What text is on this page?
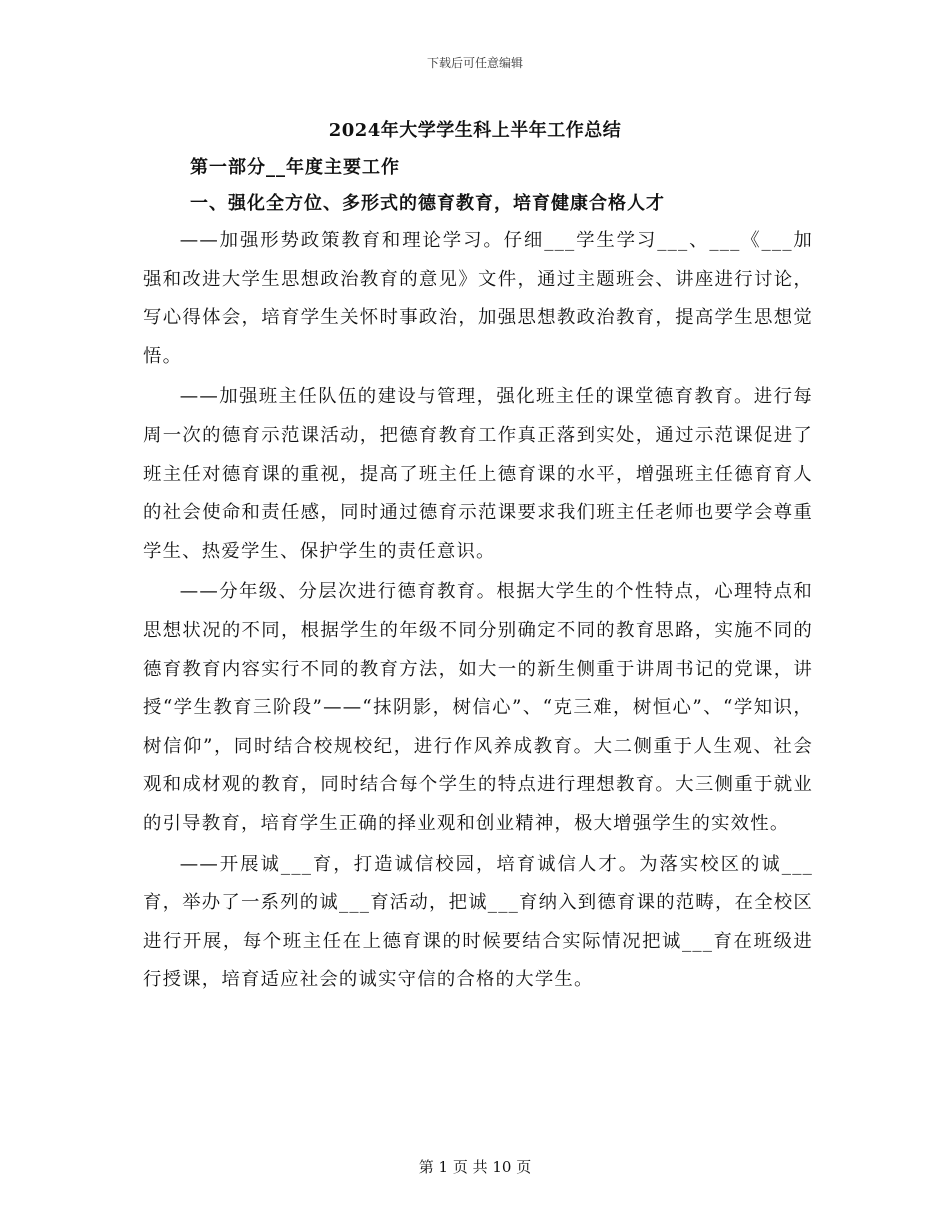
下载后可任意编辑
2024年大学学生科上半年工作总结
第一部分__年度主要工作
一、强化全方位、多形式的德育教育，培育健康合格人才

——加强形势政策教育和理论学习。仔细___学生学习___、___《___加强和改进大学生思想政治教育的意见》文件，通过主题班会、讲座进行讨论，写心得体会，培育学生关怀时事政治，加强思想教政治教育，提高学生思想觉悟。

——加强班主任队伍的建设与管理，强化班主任的课堂德育教育。进行每周一次的德育示范课活动，把德育教育工作真正落到实处，通过示范课促进了班主任对德育课的重视，提高了班主任上德育课的水平，增强班主任德育育人的社会使命和责任感，同时通过德育示范课要求我们班主任老师也要学会尊重学生、热爱学生、保护学生的责任意识。

——分年级、分层次进行德育教育。根据大学生的个性特点，心理特点和思想状况的不同，根据学生的年级不同分别确定不同的教育思路，实施不同的德育教育内容实行不同的教育方法，如大一的新生侧重于讲周书记的党课，讲授“学生教育三阶段”——“抹阴影，树信心”、“克三难，树恒心”、“学知识，树信仰”，同时结合校规校纪，进行作风养成教育。大二侧重于人生观、社会观和成材观的教育，同时结合每个学生的特点进行理想教育。大三侧重于就业的引导教育，培育学生正确的择业观和创业精神，极大增强学生的实效性。

——开展诚___育，打造诚信校园，培育诚信人才。为落实校区的诚___育，举办了一系列的诚___育活动，把诚___育纳入到德育课的范畴，在全校区进行开展，每个班主任在上德育课的时候要结合实际情况把诚___育在班级进行授课，培育适应社会的诚实守信的合格的大学生。

第 1 页 共 10 页
